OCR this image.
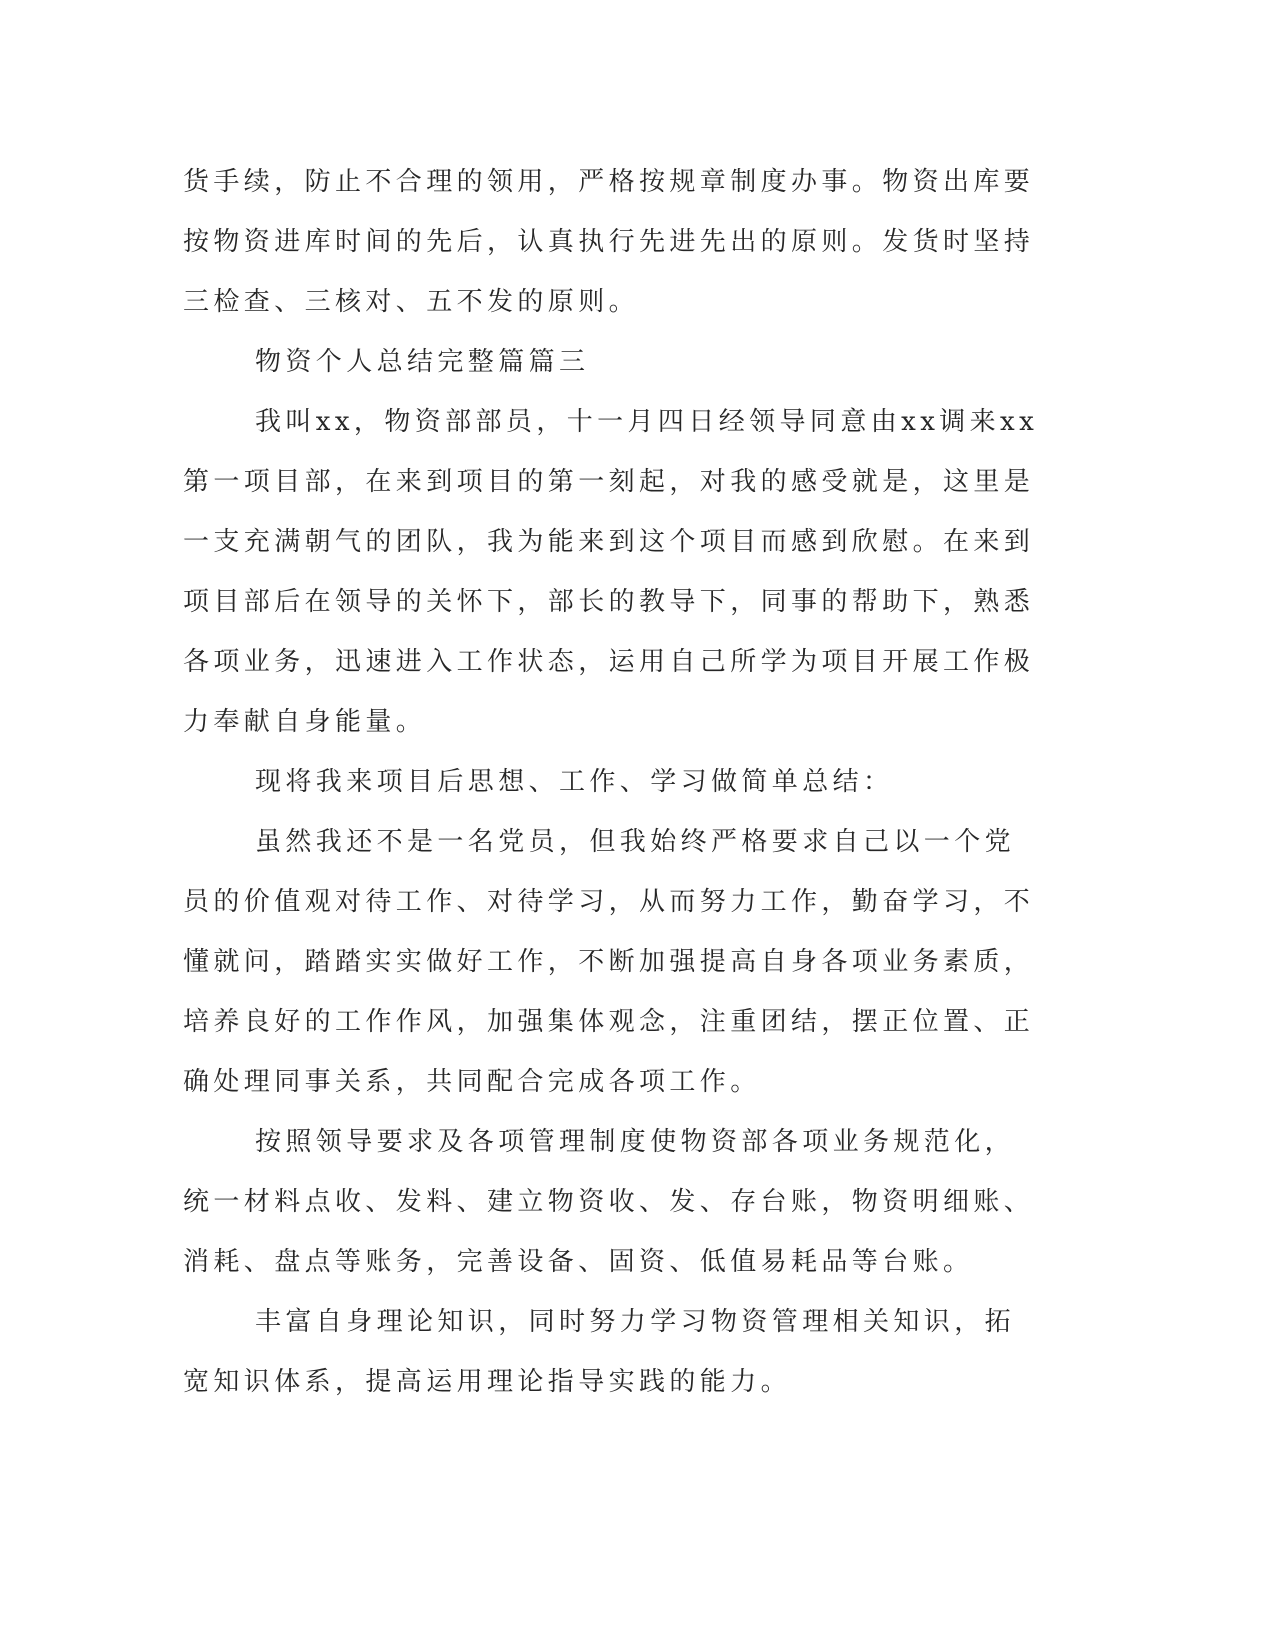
货手续，防止不合理的领用，严格按规章制度办事。物资出库要按物资进库时间的先后，认真执行先进先出的原则。发货时坚持三检查、三核对、五不发的原则。

物资个人总结完整篇篇三

我叫xx，物资部部员，十一月四日经领导同意由xx调来xx第一项目部，在来到项目的第一刻起，对我的感受就是，这里是一支充满朝气的团队，我为能来到这个项目而感到欣慰。在来到项目部后在领导的关怀下，部长的教导下，同事的帮助下，熟悉各项业务，迅速进入工作状态，运用自己所学为项目开展工作极力奉献自身能量。

现将我来项目后思想、工作、学习做简单总结：

虽然我还不是一名党员，但我始终严格要求自己以一个党员的价值观对待工作、对待学习，从而努力工作，勤奋学习，不懂就问，踏踏实实做好工作，不断加强提高自身各项业务素质，培养良好的工作作风，加强集体观念，注重团结，摆正位置、正确处理同事关系，共同配合完成各项工作。

按照领导要求及各项管理制度使物资部各项业务规范化，统一材料点收、发料、建立物资收、发、存台账，物资明细账、消耗、盘点等账务，完善设备、固资、低值易耗品等台账。

丰富自身理论知识，同时努力学习物资管理相关知识，拓宽知识体系，提高运用理论指导实践的能力。
